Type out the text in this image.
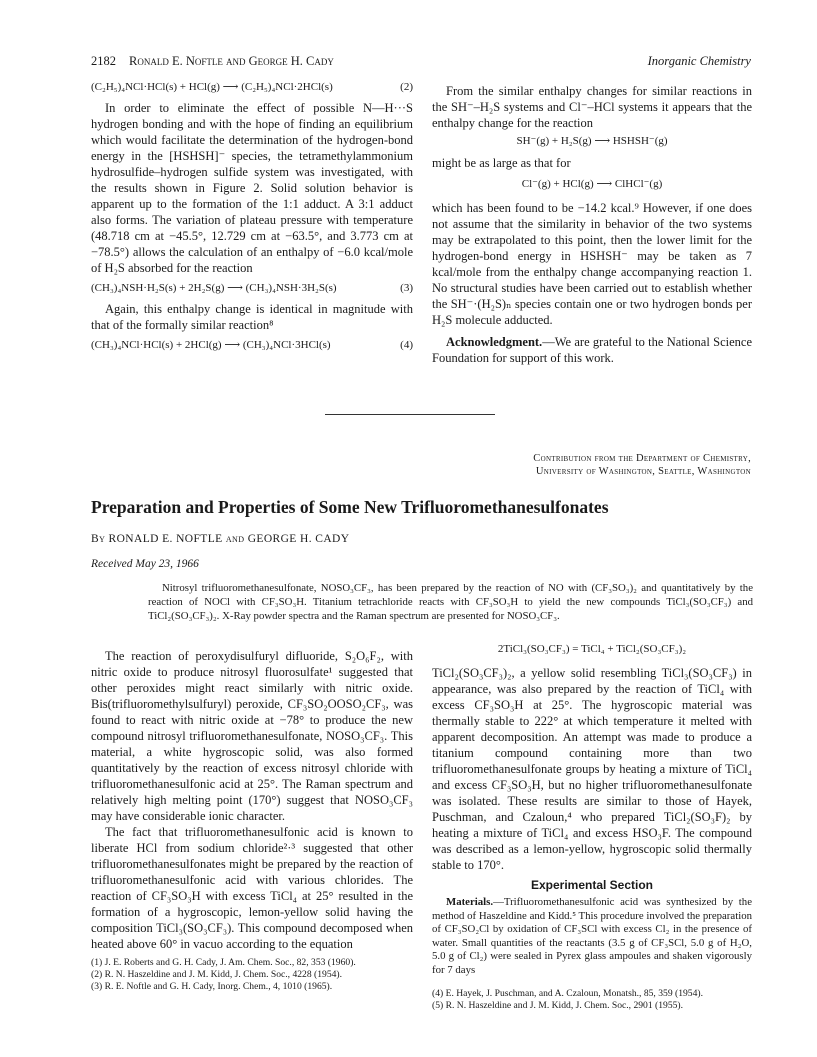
2182 Ronald E. Noftle and George H. Cady	Inorganic Chemistry
(C₂H₅)₄NCl·HCl(s) + HCl(g) ⟶ (C₂H₅)₄NCl·2HCl(s)	(2)

In order to eliminate the effect of possible N—H···S hydrogen bonding and with the hope of finding an equilibrium which would facilitate the determination of the hydrogen-bond energy in the [HSHSH]⁻ species, the tetramethylammonium hydrosulfide–hydrogen sulfide system was investigated, with the results shown in Figure 2. Solid solution behavior is apparent up to the formation of the 1:1 adduct. A 3:1 adduct also forms. The variation of plateau pressure with temperature (48.718 cm at −45.5°, 12.729 cm at −63.5°, and 3.773 cm at −78.5°) allows the calculation of an enthalpy of −6.0 kcal/mole of H₂S absorbed for the reaction

(CH₃)₄NSH·H₂S(s) + 2H₂S(g) ⟶ (CH₃)₄NSH·3H₂S(s)	(3)

Again, this enthalpy change is identical in magnitude with that of the formally similar reaction⁸

(CH₃)₄NCl·HCl(s) + 2HCl(g) ⟶ (CH₃)₄NCl·3HCl(s)	(4)

From the similar enthalpy changes for similar reactions in the SH⁻–H₂S systems and Cl⁻–HCl systems it appears that the enthalpy change for the reaction

SH⁻(g) + H₂S(g) ⟶ HSHSH⁻(g)

might be as large as that for

Cl⁻(g) + HCl(g) ⟶ ClHCl⁻(g)

which has been found to be −14.2 kcal.⁹ However, if one does not assume that the similarity in behavior of the two systems may be extrapolated to this point, then the lower limit for the hydrogen-bond energy in HSHSH⁻ may be taken as 7 kcal/mole from the enthalpy change accompanying reaction 1. No structural studies have been carried out to establish whether the SH⁻·(H₂S)ₙ species contain one or two hydrogen bonds per H₂S molecule adducted.

Acknowledgment.—We are grateful to the National Science Foundation for support of this work.

Contribution from the Department of Chemistry,
University of Washington, Seattle, Washington
Preparation and Properties of Some New Trifluoromethanesulfonates
By RONALD E. NOFTLE and GEORGE H. CADY
Received May 23, 1966

Nitrosyl trifluoromethanesulfonate, NOSO₃CF₃, has been prepared by the reaction of NO with (CF₃SO₃)₂ and quantitatively by the reaction of NOCl with CF₃SO₃H. Titanium tetrachloride reacts with CF₃SO₃H to yield the new compounds TiCl₃(SO₃CF₃) and TiCl₂(SO₃CF₃)₂. X-Ray powder spectra and the Raman spectrum are presented for NOSO₃CF₃.

The reaction of peroxydisulfuryl difluoride, S₂O₆F₂, with nitric oxide to produce nitrosyl fluorosulfate¹ suggested that other peroxides might react similarly with nitric oxide. Bis(trifluoromethylsulfuryl) peroxide, CF₃SO₂OOSO₂CF₃, was found to react with nitric oxide at −78° to produce the new compound nitrosyl trifluoromethanesulfonate, NOSO₃CF₃. This material, a white hygroscopic solid, was also formed quantitatively by the reaction of excess nitrosyl chloride with trifluoromethanesulfonic acid at 25°. The Raman spectrum and relatively high melting point (170°) suggest that NOSO₃CF₃ may have considerable ionic character.

The fact that trifluoromethanesulfonic acid is known to liberate HCl from sodium chloride²·³ suggested that other trifluoromethanesulfonates might be prepared by the reaction of trifluoromethanesulfonic acid with various chlorides. The reaction of CF₃SO₃H with excess TiCl₄ at 25° resulted in the formation of a hygroscopic, lemon-yellow solid having the composition TiCl₃(SO₃CF₃). This compound decomposed when heated above 60° in vacuo according to the equation

(1) J. E. Roberts and G. H. Cady, J. Am. Chem. Soc., 82, 353 (1960).
(2) R. N. Haszeldine and J. M. Kidd, J. Chem. Soc., 4228 (1954).
(3) R. E. Noftle and G. H. Cady, Inorg. Chem., 4, 1010 (1965).
2TiCl₃(SO₃CF₃) = TiCl₄ + TiCl₂(SO₃CF₃)₂

TiCl₂(SO₃CF₃)₂, a yellow solid resembling TiCl₃(SO₃CF₃) in appearance, was also prepared by the reaction of TiCl₄ with excess CF₃SO₃H at 25°. The hygroscopic material was thermally stable to 222° at which temperature it melted with apparent decomposition. An attempt was made to produce a titanium compound containing more than two trifluoromethanesulfonate groups by heating a mixture of TiCl₄ and excess CF₃SO₃H, but no higher trifluoromethanesulfonate was isolated. These results are similar to those of Hayek, Puschman, and Czaloun,⁴ who prepared TiCl₂(SO₃F)₂ by heating a mixture of TiCl₄ and excess HSO₃F. The compound was described as a lemon-yellow, hygroscopic solid thermally stable to 170°.

Experimental Section

Materials.—Trifluoromethanesulfonic acid was synthesized by the method of Haszeldine and Kidd.⁵ This procedure involved the preparation of CF₃SO₂Cl by oxidation of CF₃SCl with excess Cl₂ in the presence of water. Small quantities of the reactants (3.5 g of CF₃SCl, 5.0 g of H₂O, 5.0 g of Cl₂) were sealed in Pyrex glass ampoules and shaken vigorously for 7 days

(4) E. Hayek, J. Puschman, and A. Czaloun, Monatsh., 85, 359 (1954).
(5) R. N. Haszeldine and J. M. Kidd, J. Chem. Soc., 2901 (1955).
